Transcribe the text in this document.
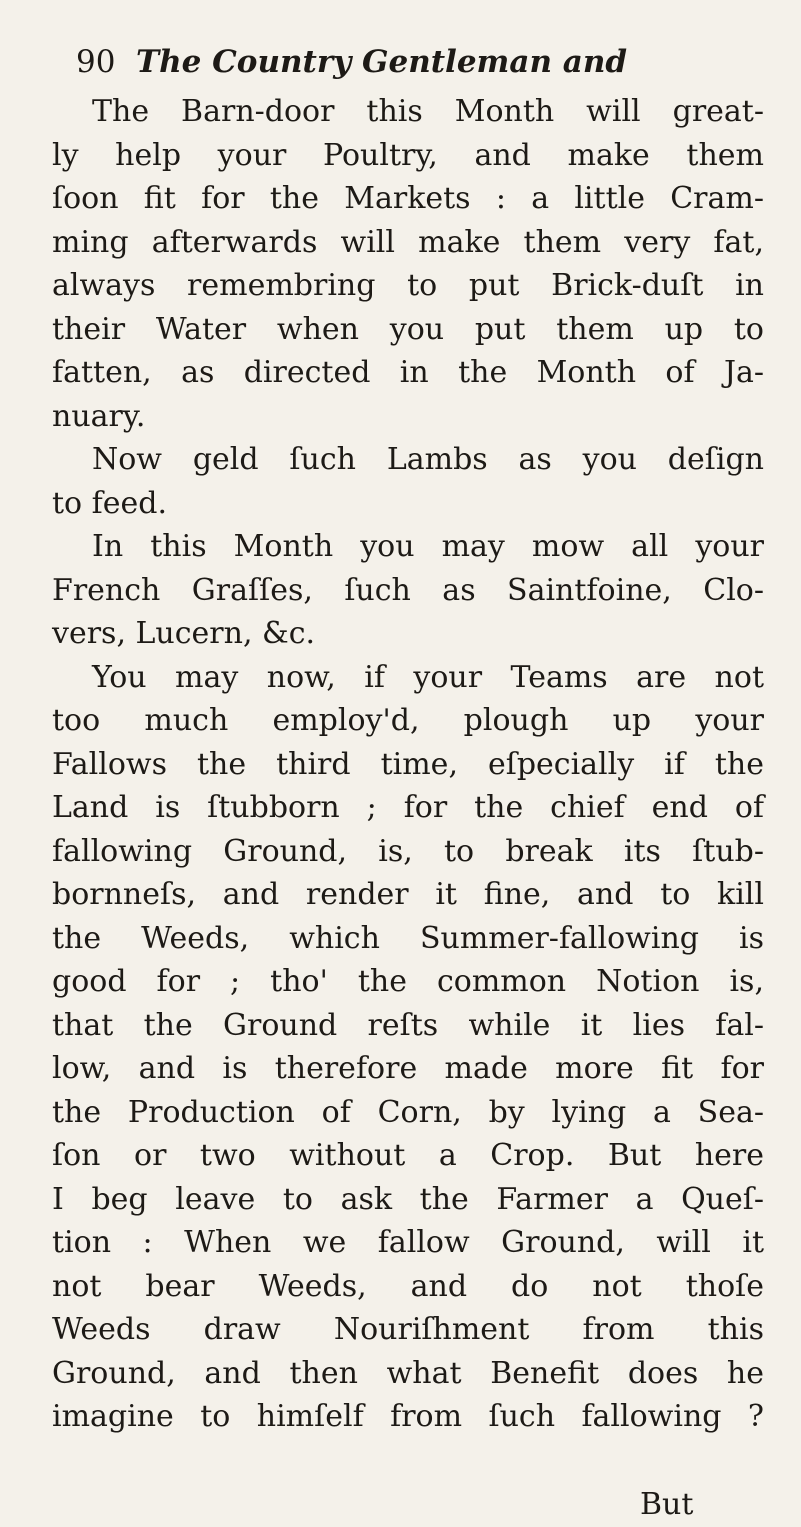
90 The Country Gentleman and
The Barn-door this Month will great-
ly help your Poultry, and make them
ſoon fit for the Markets : a little Cram-
ming afterwards will make them very fat,
always remembring to put Brick-duſt in
their Water when you put them up to
fatten, as directed in the Month of Ja-
nuary.
Now geld ſuch Lambs as you deſign
to feed.
In this Month you may mow all your
French Graſſes, ſuch as Saintfoine, Clo-
vers, Lucern, &c.
You may now, if your Teams are not
too much employ'd, plough up your
Fallows the third time, eſpecially if the
Land is ſtubborn ; for the chief end of
fallowing Ground, is, to break its ſtub-
bornneſs, and render it fine, and to kill
the Weeds, which Summer-fallowing is
good for ; tho' the common Notion is,
that the Ground reſts while it lies fal-
low, and is therefore made more fit for
the Production of Corn, by lying a Sea-
ſon or two without a Crop. But here
I beg leave to ask the Farmer a Queſ-
tion : When we fallow Ground, will it
not bear Weeds, and do not thoſe
Weeds draw Nouriſhment from this
Ground, and then what Benefit does he
imagine to himſelf from ſuch fallowing ?
But
